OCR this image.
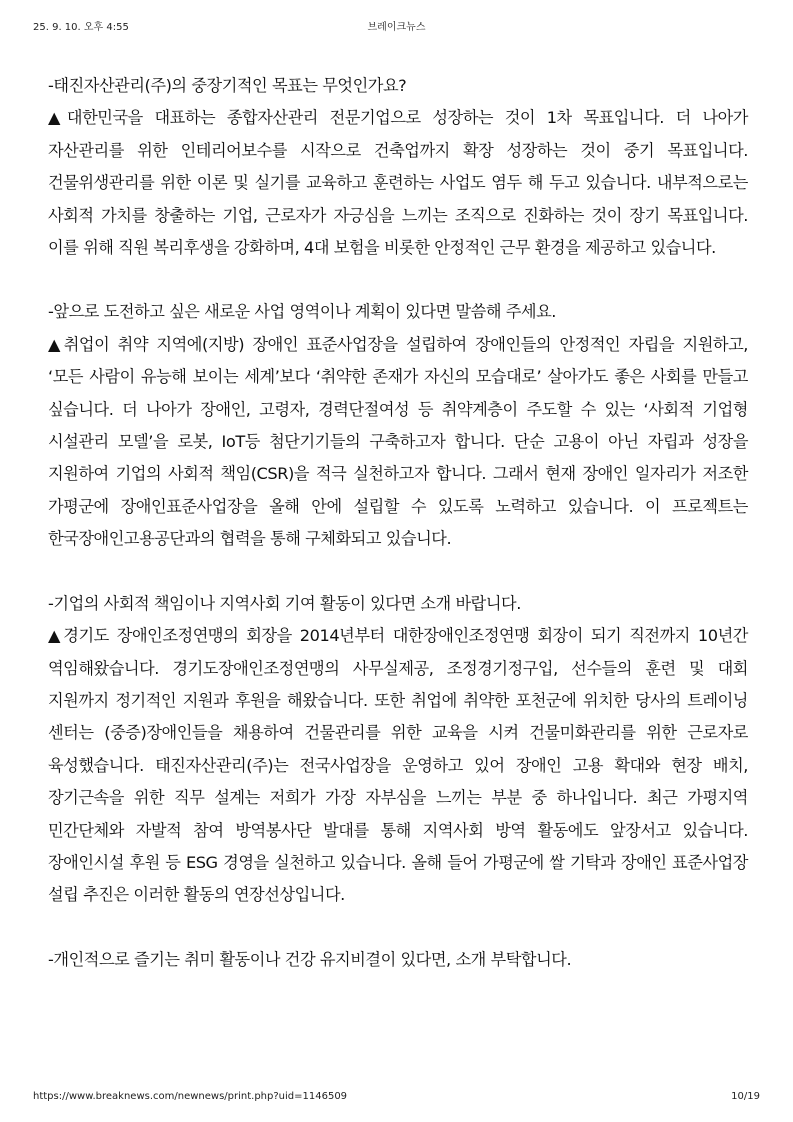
25. 9. 10. 오후 4:55	브레이크뉴스

-태진자산관리(주)의 중장기적인 목표는 무엇인가요?

▲대한민국을 대표하는 종합자산관리 전문기업으로 성장하는 것이 1차 목표입니다. 더 나아가 자산관리를 위한 인테리어보수를 시작으로 건축업까지 확장 성장하는 것이 중기 목표입니다. 건물위생관리를 위한 이론 및 실기를 교육하고 훈련하는 사업도 염두 해 두고 있습니다. 내부적으로는 사회적 가치를 창출하는 기업, 근로자가 자긍심을 느끼는 조직으로 진화하는 것이 장기 목표입니다. 이를 위해 직원 복리후생을 강화하며, 4대 보험을 비롯한 안정적인 근무 환경을 제공하고 있습니다.

-앞으로 도전하고 싶은 새로운 사업 영역이나 계획이 있다면 말씀해 주세요.

▲취업이 취약 지역에(지방) 장애인 표준사업장을 설립하여 장애인들의 안정적인 자립을 지원하고, ‘모든 사람이 유능해 보이는 세계’보다 ‘취약한 존재가 자신의 모습대로’ 살아가도 좋은 사회를 만들고 싶습니다. 더 나아가 장애인, 고령자, 경력단절여성 등 취약계층이 주도할 수 있는 ‘사회적 기업형 시설관리 모델’을 로봇, IoT등 첨단기기들의 구축하고자 합니다. 단순 고용이 아닌 자립과 성장을 지원하여 기업의 사회적 책임(CSR)을 적극 실천하고자 합니다. 그래서 현재 장애인 일자리가 저조한 가평군에 장애인표준사업장을 올해 안에 설립할 수 있도록 노력하고 있습니다. 이 프로젝트는 한국장애인고용공단과의 협력을 통해 구체화되고 있습니다.

-기업의 사회적 책임이나 지역사회 기여 활동이 있다면 소개 바랍니다.

▲경기도 장애인조정연맹의 회장을 2014년부터 대한장애인조정연맹 회장이 되기 직전까지 10년간 역임해왔습니다. 경기도장애인조정연맹의 사무실제공, 조정경기정구입, 선수들의 훈련 및 대회 지원까지 정기적인 지원과 후원을 해왔습니다. 또한 취업에 취약한 포천군에 위치한 당사의 트레이닝 센터는 (중증)장애인들을 채용하여 건물관리를 위한 교육을 시켜 건물미화관리를 위한 근로자로 육성했습니다. 태진자산관리(주)는 전국사업장을 운영하고 있어 장애인 고용 확대와 현장 배치, 장기근속을 위한 직무 설계는 저희가 가장 자부심을 느끼는 부분 중 하나입니다. 최근 가평지역 민간단체와 자발적 참여 방역봉사단 발대를 통해 지역사회 방역 활동에도 앞장서고 있습니다. 장애인시설 후원 등 ESG 경영을 실천하고 있습니다. 올해 들어 가평군에 쌀 기탁과 장애인 표준사업장 설립 추진은 이러한 활동의 연장선상입니다.

-개인적으로 즐기는 취미 활동이나 건강 유지비결이 있다면, 소개 부탁합니다.

https://www.breaknews.com/newnews/print.php?uid=1146509	10/19
